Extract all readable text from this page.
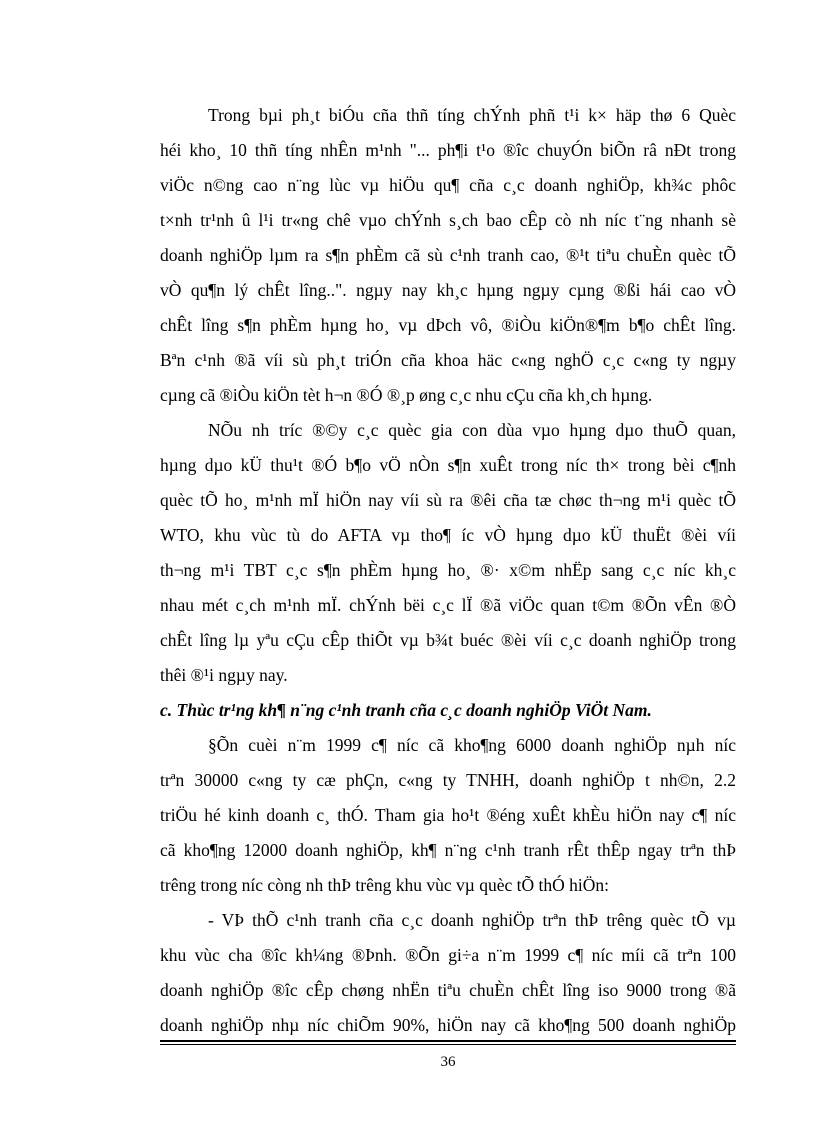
Trong bµi ph¸t biÓu cña thñ tíng chÝnh phñ t¹i k× häp thø 6 Quèc
héi kho¸ 10 thñ tíng nhÊn m¹nh "... ph¶i t¹o ®îc chuyÓn biÕn râ nÐt trong
viÖc n©ng cao n¨ng lùc vµ hiÖu qu¶ cña c¸c doanh nghiÖp, kh¾c phôc
t×nh tr¹nh û l¹i tr«ng chê vµo chÝnh s¸ch bao cÊp cò nh níc t¨ng nhanh sè
doanh nghiÖp lµm ra s¶n phÈm cã sù c¹nh tranh cao, ®¹t tiªu chuÈn quèc tÕ
vÒ qu¶n lý chÊt lîng..". ngµy nay kh¸c hµng ngµy cµng ®ßi hái cao vÒ
chÊt lîng s¶n phÈm hµng ho¸ vµ dÞch vô, ®iÒu kiÖn®¶m b¶o chÊt lîng.
Bªn c¹nh ®ã víi sù ph¸t triÓn cña khoa häc c«ng nghÖ c¸c c«ng ty ngµy
cµng cã ®iÒu kiÖn tèt h¬n ®Ó ®¸p øng c¸c nhu cÇu cña kh¸ch hµng.
NÕu nh tríc ®©y c¸c quèc gia con dùa vµo hµng dµo thuÕ quan,
hµng dµo kÜ thu¹t ®Ó b¶o vÖ nÒn s¶n xuÊt trong níc th× trong bèi c¶nh
quèc tÕ ho¸ m¹nh mÏ hiÖn nay víi sù ra ®êi cña tæ chøc th¬ng m¹i quèc tÕ
WTO, khu vùc tù do AFTA vµ tho¶ íc vÒ hµng dµo kÜ thuËt ®èi víi
th¬ng m¹i TBT c¸c s¶n phÈm hµng ho¸ ®· x©m nhËp sang c¸c níc kh¸c
nhau mét c¸ch m¹nh mÏ. chÝnh bëi c¸c lÏ ®ã viÖc quan t©m ®Õn vÊn ®Ò
chÊt lîng lµ yªu cÇu cÊp thiÕt vµ b¾t buéc ®èi víi c¸c doanh nghiÖp trong
thêi ®¹i ngµy nay.
c. Thùc tr¹ng kh¶ n¨ng c¹nh tranh cña c¸c doanh nghiÖp ViÖt Nam.
§Õn cuèi n¨m 1999 c¶ níc cã kho¶ng 6000 doanh nghiÖp nµh níc
trªn 30000 c«ng ty cæ phÇn, c«ng ty TNHH, doanh nghiÖp t nh©n, 2.2
triÖu hé kinh doanh c¸ thÓ. Tham gia ho¹t ®éng xuÊt khÈu hiÖn nay c¶ níc
cã kho¶ng 12000 doanh nghiÖp, kh¶ n¨ng c¹nh tranh rÊt thÊp ngay trªn thÞ
trêng trong níc còng nh thÞ trêng khu vùc vµ quèc tÕ thÓ hiÖn:
- VÞ thÕ c¹nh tranh cña c¸c doanh nghiÖp trªn thÞ trêng quèc tÕ vµ
khu vùc cha ®îc kh¼ng ®Þnh. ®Õn gi÷a n¨m 1999 c¶ níc míi cã trªn 100
doanh nghiÖp ®îc cÊp chøng nhËn tiªu chuÈn chÊt lîng iso 9000 trong ®ã
doanh nghiÖp nhµ níc chiÕm 90%, hiÖn nay cã kho¶ng 500 doanh nghiÖp
36
